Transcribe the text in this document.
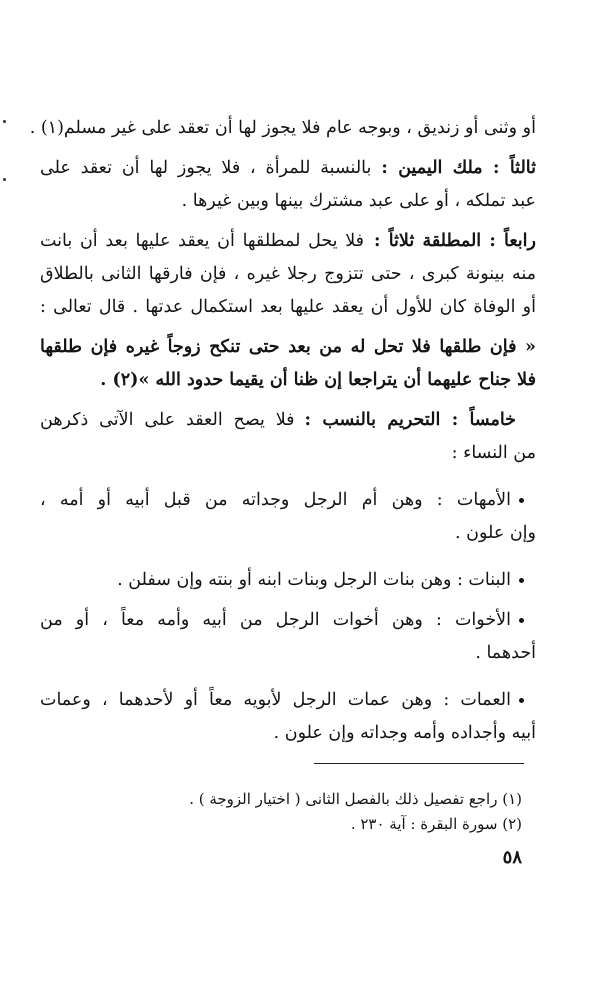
أو وثنى أو زنديق ، وبوجه عام فلا يجوز لها أن تعقد على غير مسلم(١) .
ثالثاً : ملك اليمين :بالنسبة للمرأة ، فلا يجوز لها أن تعقد على
عبد تملكه ، أو على عبد مشترك بينها وبين غيرها .
رابعاً : المطلقة ثلاثاً :فلا يحل لمطلقها أن يعقد عليها بعد أن بانت
منه بينونة كبرى ، حتى تتزوج رجلا غيره ، فإن فارقها الثانى بالطلاق
أو الوفاة كان للأول أن يعقد عليها بعد استكمال عدتها . قال تعالى :
« فإن طلقها فلا تحل له من بعد حتى تنكح زوجاً غيره فإن طلقها
فلا جناح عليهما أن يتراجعا إن ظنا أن يقيما حدود الله »(٢) .
خامساً : التحريم بالنسب :فلا يصح العقد على الآتى ذكرهن
من النساء :
الأمهات : وهن أم الرجل وجداته من قبل أبيه أو أمه ،
وإن علون .
البنات : وهن بنات الرجل وبنات ابنه أو بنته وإن سفلن .
الأخوات : وهن أخوات الرجل من أبيه وأمه معاً ، أو من
أحدهما .
العمات : وهن عمات الرجل لأبويه معاً أو لأحدهما ، وعمات
أبيه وأجداده وأمه وجداته وإن علون .
(١) راجع تفصيل ذلك بالفصل الثانى ( اختيار الزوجة ) .
(٢) سورة البقرة : آية ٢٣٠ .
٥٨
